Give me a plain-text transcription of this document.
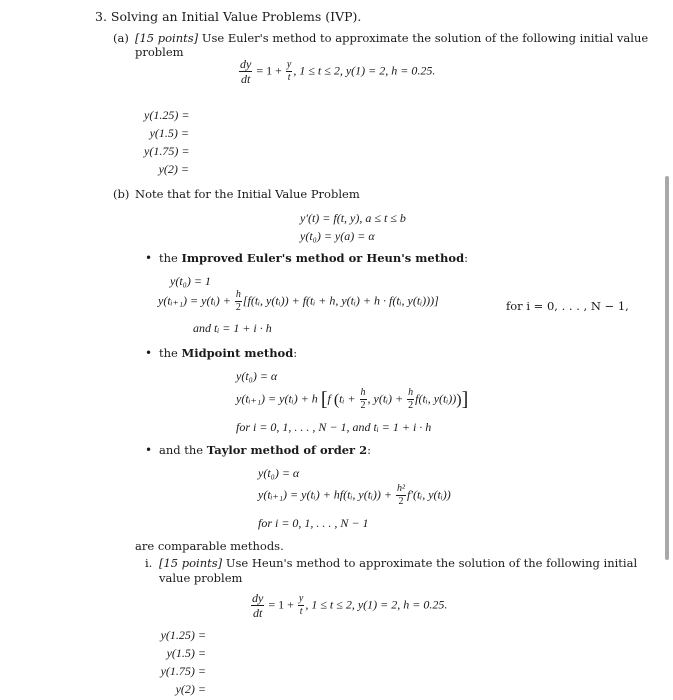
3. Solving an Initial Value Problems (IVP).
(a) [15 points] Use Euler's method to approximate the solution of the following initial value
problem
$\frac{dy}{dt} = 1 + \frac{y}{t}$ , 1 ≤ t ≤ 2, y(1) = 2, h = 0.25.
y(1.25) =
y(1.5) =
y(1.75) =
y(2) =
(b) Note that for the Initial Value Problem
y′(t) = f(t, y), a ≤ t ≤ b
y(t₀) = y(a) = α
• the Improved Euler's method or Heun's method:
y(t₀) = 1
y(tᵢ₊₁) = y(tᵢ) + $\frac{h}{2}$ [f(tᵢ, y(tᵢ)) + f(tᵢ + h, y(tᵢ) + h · f(tᵢ, y(tᵢ)))]	for i = 0, . . . , N − 1,
and tᵢ = 1 + i · h
• the Midpoint method:
y(t₀) = α
y(tᵢ₊₁) = y(tᵢ) + h [f (tᵢ + $\frac{h}{2}$ , y(tᵢ) + $\frac{h}{2}$ f(tᵢ, y(tᵢ)))]
for i = 0, 1, . . . , N − 1, and tᵢ = 1 + i · h
• and the Taylor method of order 2:
y(t₀) = α
y(tᵢ₊₁) = y(tᵢ) + hf(tᵢ, y(tᵢ)) + $\frac{\text{h²}}{2}$ f′(tᵢ, y(tᵢ))
for i = 0, 1, . . . , N − 1
are comparable methods.
i. [15 points] Use Heun's method to approximate the solution of the following initial
value problem
$\frac{dy}{dt} = 1 + \frac{y}{t}$ , 1 ≤ t ≤ 2, y(1) = 2, h = 0.25.
y(1.25) =
y(1.5) =
y(1.75) =
y(2) =
